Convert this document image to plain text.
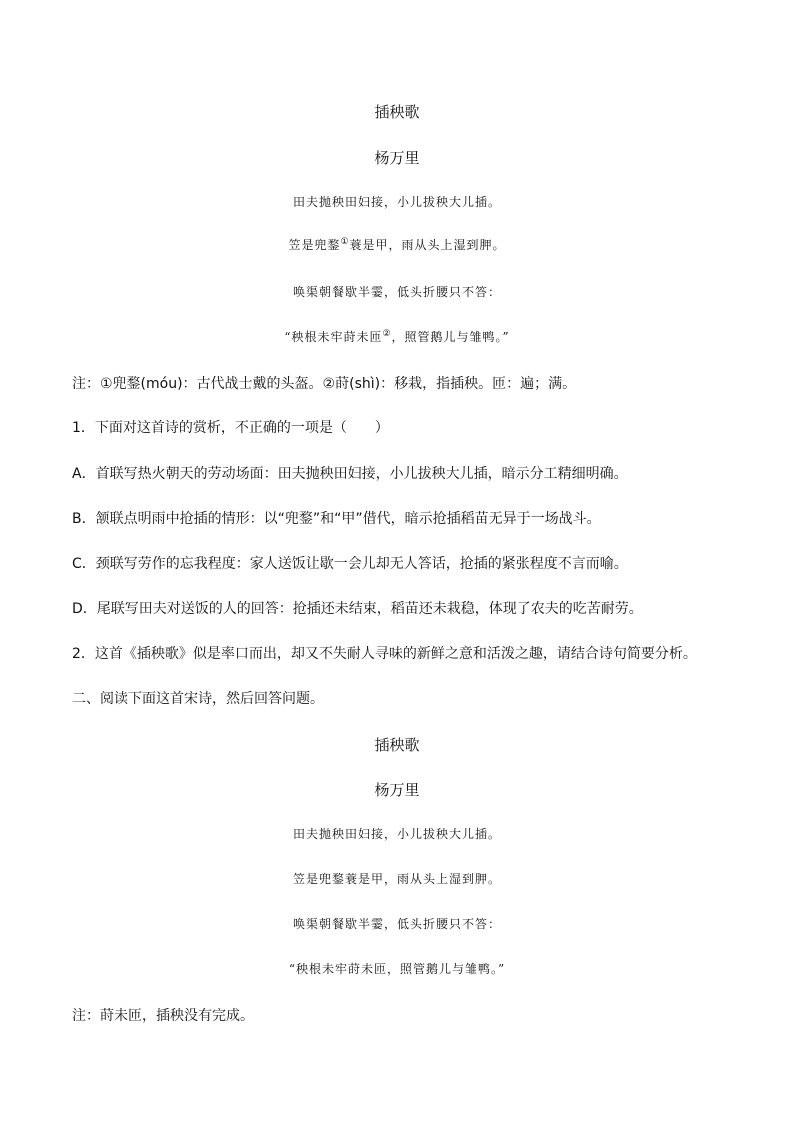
插秧歌
杨万里
田夫抛秧田妇接，小儿拔秧大儿插。
笠是兜鍪①蓑是甲，雨从头上湿到胛。
唤渠朝餐歇半霎，低头折腰只不答：
“秧根未牢莳未匝②，照管鹅儿与雏鸭。”
注：①兜鍪(móu)：古代战士戴的头盔。②莳(shì)：移栽，指插秧。匝：遍；满。
1．下面对这首诗的赏析，不正确的一项是（　　）
A．首联写热火朝天的劳动场面：田夫抛秧田妇接，小儿拔秧大儿插，暗示分工精细明确。
B．颔联点明雨中抢插的情形：以“兜鍪”和“甲”借代，暗示抢插稻苗无异于一场战斗。
C．颈联写劳作的忘我程度：家人送饭让歇一会儿却无人答话，抢插的紧张程度不言而喻。
D．尾联写田夫对送饭的人的回答：抢插还未结束，稻苗还未栽稳，体现了农夫的吃苦耐劳。
2．这首《插秧歌》似是率口而出，却又不失耐人寻味的新鲜之意和活泼之趣，请结合诗句简要分析。
二、阅读下面这首宋诗，然后回答问题。
插秧歌
杨万里
田夫抛秧田妇接，小儿拔秧大儿插。
笠是兜鍪蓑是甲，雨从头上湿到胛。
唤渠朝餐歇半霎，低头折腰只不答：
“秧根未牢莳未匝，照管鹅儿与雏鸭。”
注：莳未匝，插秧没有完成。
